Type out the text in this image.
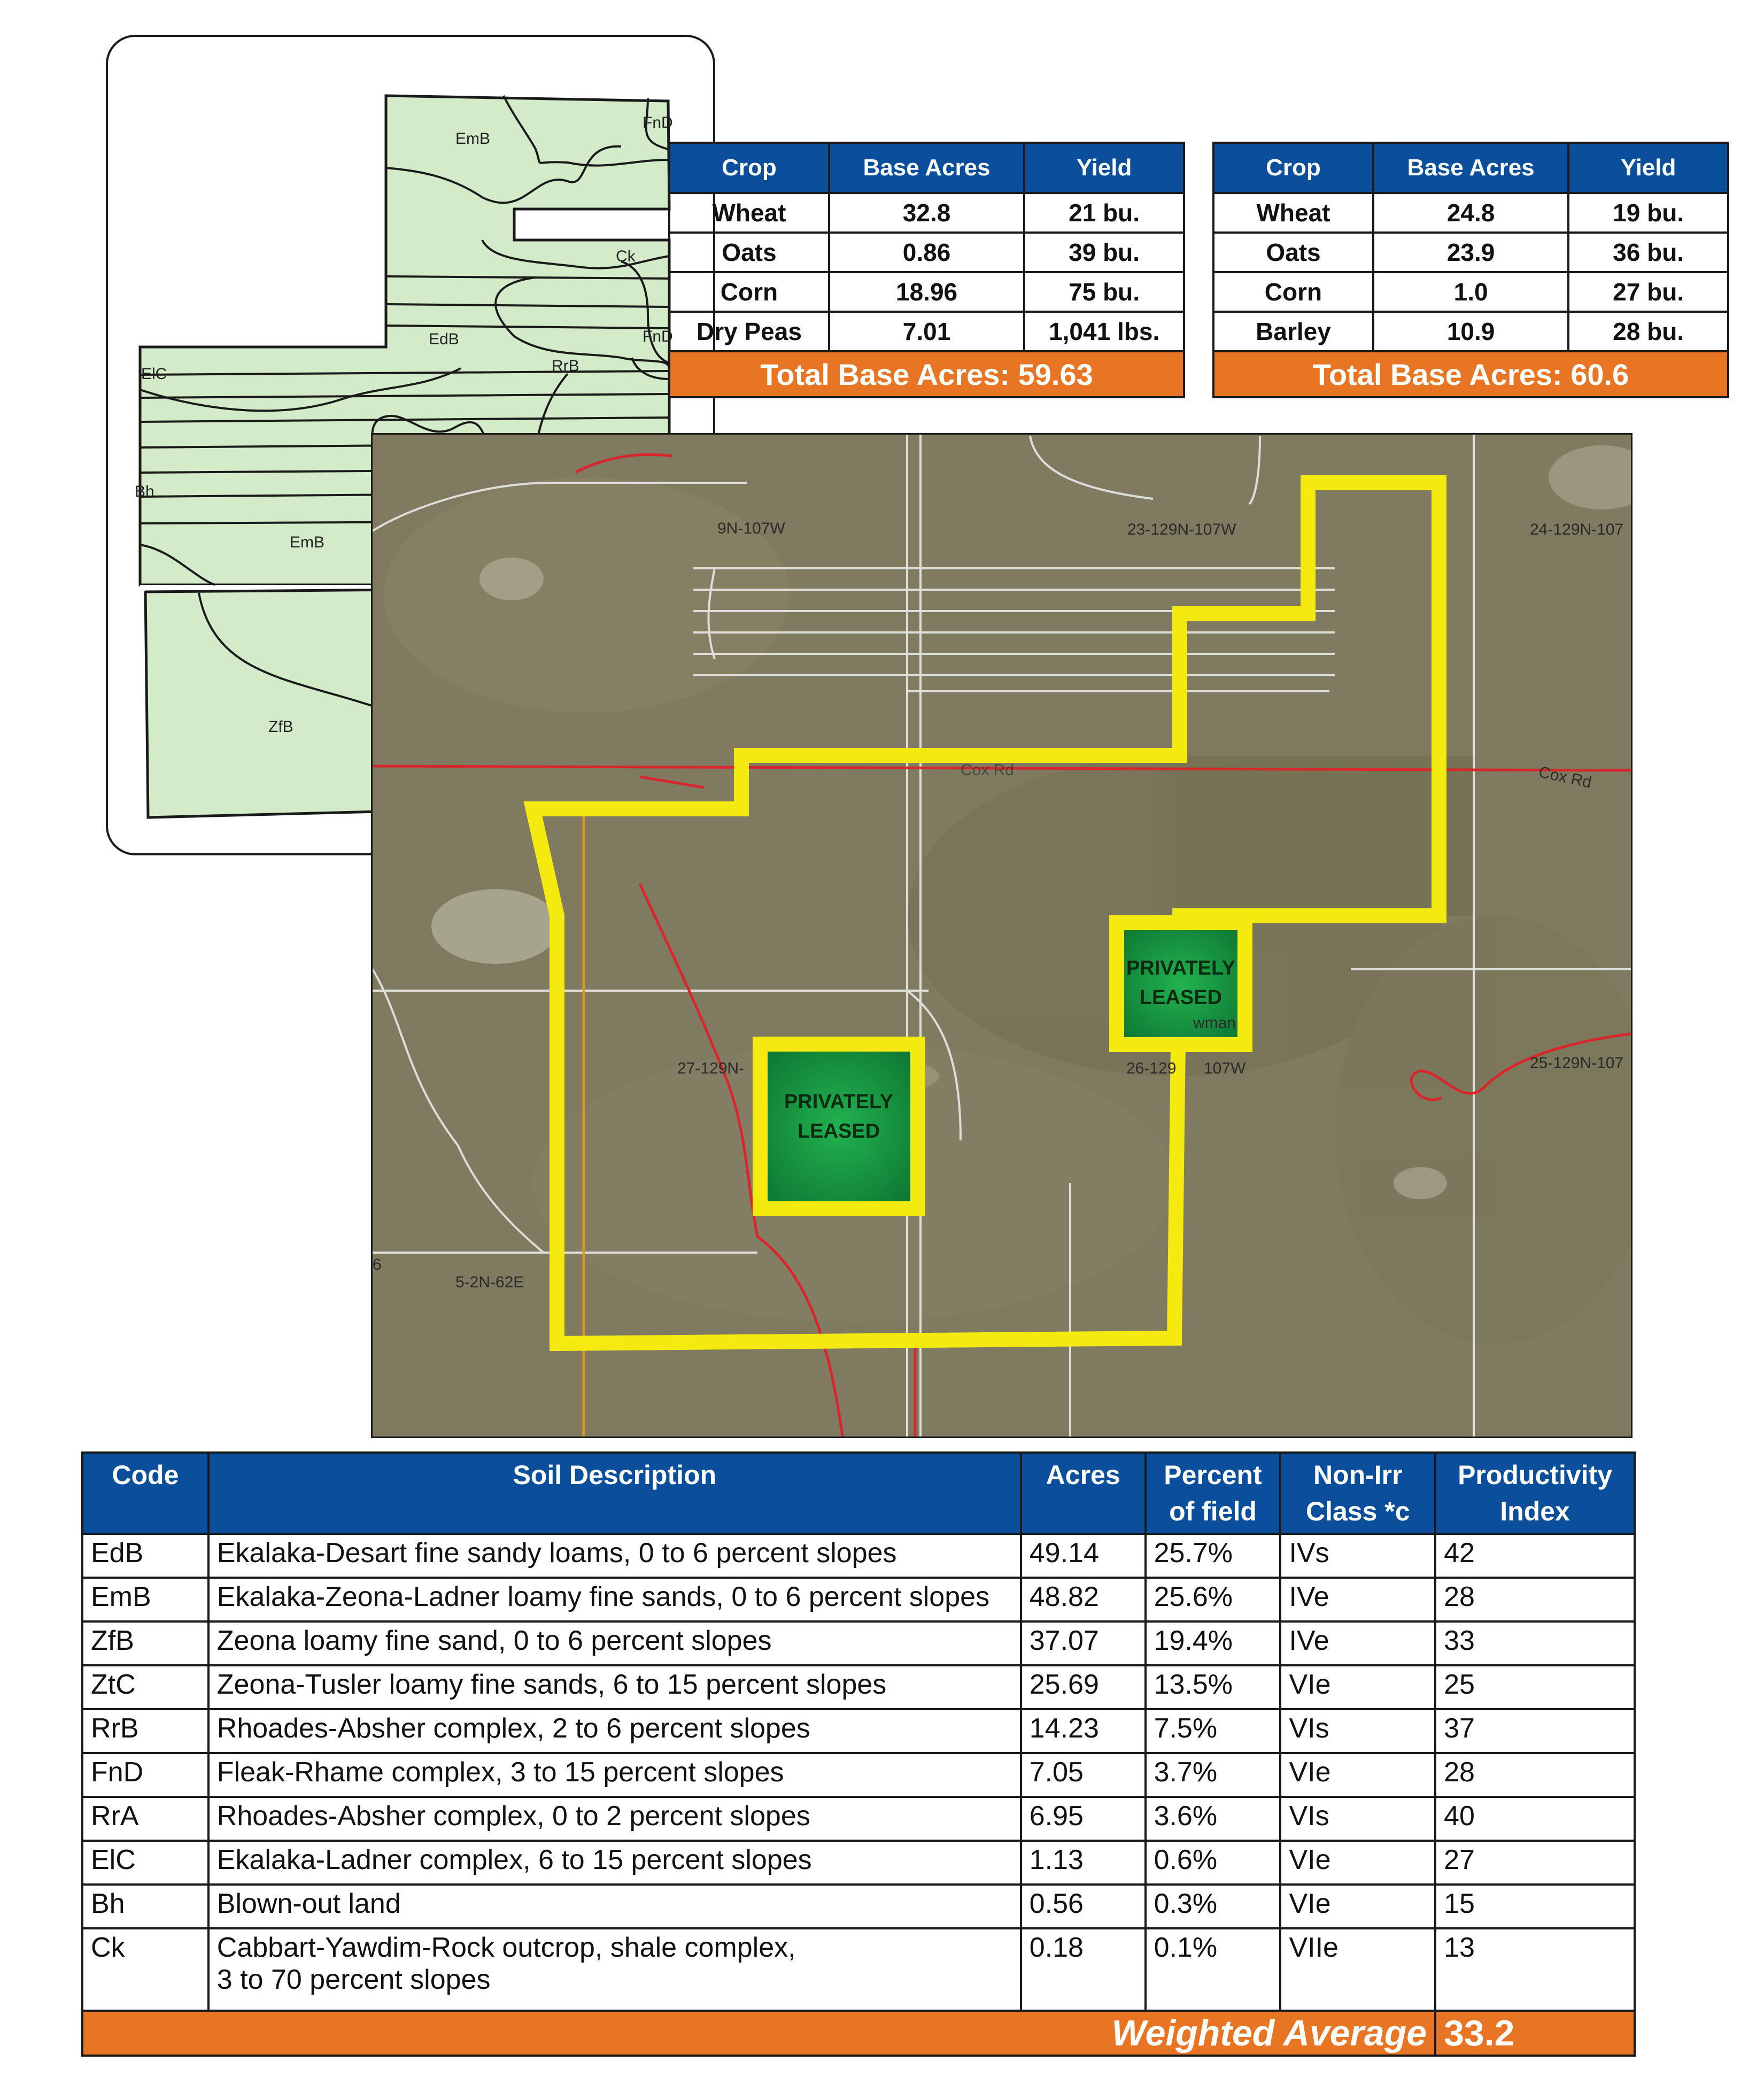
EmB
FnD
Ck
EdB	FnD
RrB
ElC
Bh
EmB
ZfB
Crop	Base Acres	Yield
Wheat	32.8	21 bu.
Oats	0.86	39 bu.
Corn	18.96	75 bu.
Dry Peas	7.01	1,041 lbs.
Total Base Acres: 59.63		
Crop	Base Acres	Yield
Wheat	24.8	19 bu.
Oats	23.9	36 bu.
Corn	1.0	27 bu.
Barley	10.9	28 bu.
Total Base Acres: 60.6		
PRIVATELY
LEASED
PRIVATELY
LEASED
9N-107W	23-129N-107W	24-129N-107
27-129N-	26-129 107W	25-129N-107
5-2N-62E
6
wman
Cox Rd	Cox Rd
Code	Soil Description	Acres	Percent of field	Non-Irr Class *c	Productivity Index
EdB	Ekalaka-Desart fine sandy loams, 0 to 6 percent slopes	49.14	25.7%	IVs	42
EmB	Ekalaka-Zeona-Ladner loamy fine sands, 0 to 6 percent slopes	48.82	25.6%	IVe	28
ZfB	Zeona loamy fine sand, 0 to 6 percent slopes	37.07	19.4%	IVe	33
ZtC	Zeona-Tusler loamy fine sands, 6 to 15 percent slopes	25.69	13.5%	VIe	25
RrB	Rhoades-Absher complex, 2 to 6 percent slopes	14.23	7.5%	VIs	37
FnD	Fleak-Rhame complex, 3 to 15 percent slopes	7.05	3.7%	VIe	28
RrA	Rhoades-Absher complex, 0 to 2 percent slopes	6.95	3.6%	VIs	40
ElC	Ekalaka-Ladner complex, 6 to 15 percent slopes	1.13	0.6%	VIe	27
Bh	Blown-out land	0.56	0.3%	VIe	15
Ck	Cabbart-Yawdim-Rock outcrop, shale complex,
3 to 70 percent slopes	0.18	0.1%	VIIe	13
Weighted Average					33.2
